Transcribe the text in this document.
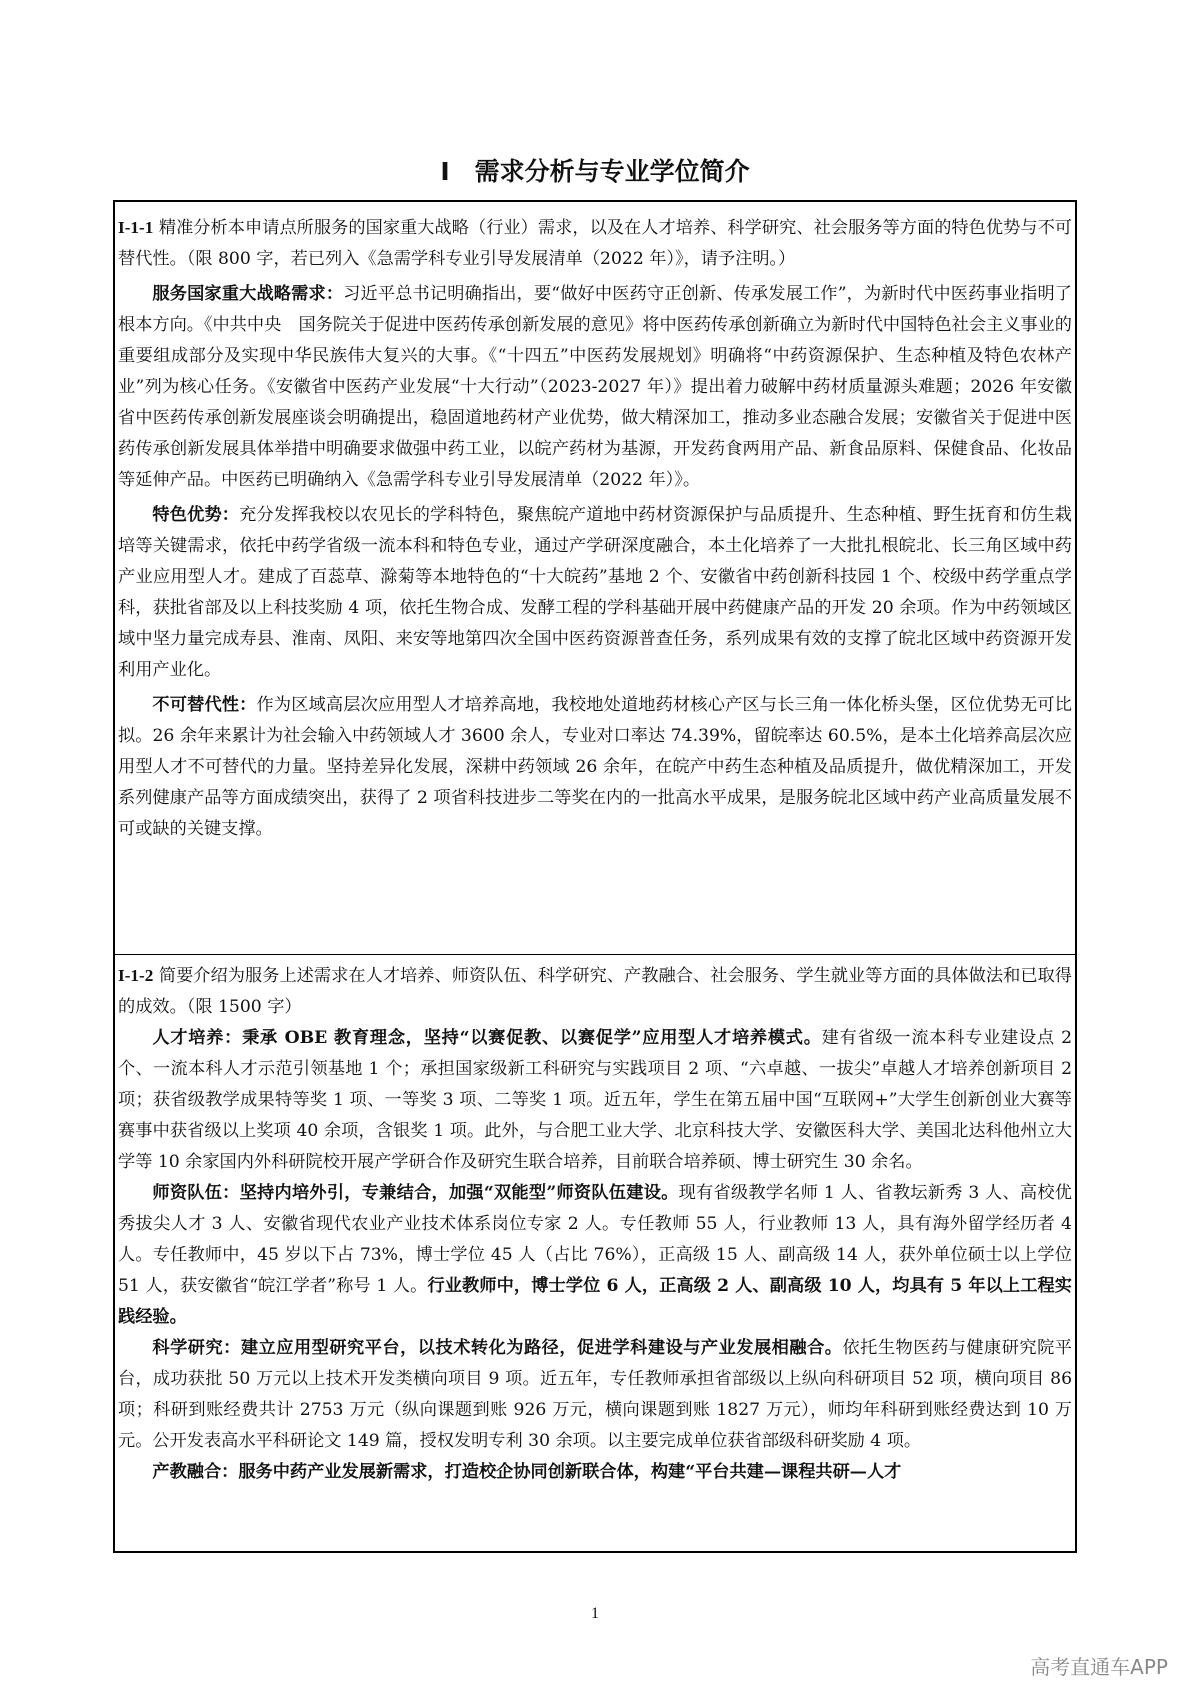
I　需求分析与专业学位简介

I-1-1 精准分析本申请点所服务的国家重大战略（行业）需求，以及在人才培养、科学研究、社会服务等方面的特色优势与不可替代性。（限 800 字，若已列入《急需学科专业引导发展清单（2022 年）》，请予注明。）

服务国家重大战略需求：习近平总书记明确指出，要“做好中医药守正创新、传承发展工作”，为新时代中医药事业指明了根本方向。《中共中央　国务院关于促进中医药传承创新发展的意见》将中医药传承创新确立为新时代中国特色社会主义事业的重要组成部分及实现中华民族伟大复兴的大事。《“十四五”中医药发展规划》明确将“中药资源保护、生态种植及特色农林产业”列为核心任务。《安徽省中医药产业发展“十大行动”（2023-2027 年）》提出着力破解中药材质量源头难题；2026 年安徽省中医药传承创新发展座谈会明确提出，稳固道地药材产业优势，做大精深加工，推动多业态融合发展；安徽省关于促进中医药传承创新发展具体举措中明确要求做强中药工业，以皖产药材为基源，开发药食两用产品、新食品原料、保健食品、化妆品等延伸产品。中医药已明确纳入《急需学科专业引导发展清单（2022 年）》。

特色优势：充分发挥我校以农见长的学科特色，聚焦皖产道地中药材资源保护与品质提升、生态种植、野生抚育和仿生栽培等关键需求，依托中药学省级一流本科和特色专业，通过产学研深度融合，本土化培养了一大批扎根皖北、长三角区域中药产业应用型人才。建成了百蕊草、滁菊等本地特色的“十大皖药”基地 2 个、安徽省中药创新科技园 1 个、校级中药学重点学科，获批省部及以上科技奖励 4 项，依托生物合成、发酵工程的学科基础开展中药健康产品的开发 20 余项。作为中药领域区域中坚力量完成寿县、淮南、凤阳、来安等地第四次全国中医药资源普查任务，系列成果有效的支撑了皖北区域中药资源开发利用产业化。

不可替代性：作为区域高层次应用型人才培养高地，我校地处道地药材核心产区与长三角一体化桥头堡，区位优势无可比拟。26 余年来累计为社会输入中药领域人才 3600 余人，专业对口率达 74.39%，留皖率达 60.5%，是本土化培养高层次应用型人才不可替代的力量。坚持差异化发展，深耕中药领域 26 余年，在皖产中药生态种植及品质提升，做优精深加工，开发系列健康产品等方面成绩突出，获得了 2 项省科技进步二等奖在内的一批高水平成果，是服务皖北区域中药产业高质量发展不可或缺的关键支撑。

I-1-2 简要介绍为服务上述需求在人才培养、师资队伍、科学研究、产教融合、社会服务、学生就业等方面的具体做法和已取得的成效。（限 1500 字）

人才培养：秉承 OBE 教育理念，坚持“以赛促教、以赛促学”应用型人才培养模式。建有省级一流本科专业建设点 2 个、一流本科人才示范引领基地 1 个；承担国家级新工科研究与实践项目 2 项、“六卓越、一拔尖”卓越人才培养创新项目 2 项；获省级教学成果特等奖 1 项、一等奖 3 项、二等奖 1 项。近五年，学生在第五届中国“互联网+”大学生创新创业大赛等赛事中获省级以上奖项 40 余项，含银奖 1 项。此外，与合肥工业大学、北京科技大学、安徽医科大学、美国北达科他州立大学等 10 余家国内外科研院校开展产学研合作及研究生联合培养，目前联合培养硕、博士研究生 30 余名。

师资队伍：坚持内培外引，专兼结合，加强“双能型”师资队伍建设。现有省级教学名师 1 人、省教坛新秀 3 人、高校优秀拔尖人才 3 人、安徽省现代农业产业技术体系岗位专家 2 人。专任教师 55 人，行业教师 13 人，具有海外留学经历者 4 人。专任教师中，45 岁以下占 73%，博士学位 45 人（占比 76%），正高级 15 人、副高级 14 人，获外单位硕士以上学位 51 人，获安徽省“皖江学者”称号 1 人。行业教师中，博士学位 6 人，正高级 2 人、副高级 10 人，均具有 5 年以上工程实践经验。

科学研究：建立应用型研究平台，以技术转化为路径，促进学科建设与产业发展相融合。依托生物医药与健康研究院平台，成功获批 50 万元以上技术开发类横向项目 9 项。近五年，专任教师承担省部级以上纵向科研项目 52 项，横向项目 86 项；科研到账经费共计 2753 万元（纵向课题到账 926 万元，横向课题到账 1827 万元），师均年科研到账经费达到 10 万元。公开发表高水平科研论文 149 篇，授权发明专利 30 余项。以主要完成单位获省部级科研奖励 4 项。

产教融合：服务中药产业发展新需求，打造校企协同创新联合体，构建“平台共建—课程共研—人才

1
高考直通车APP
